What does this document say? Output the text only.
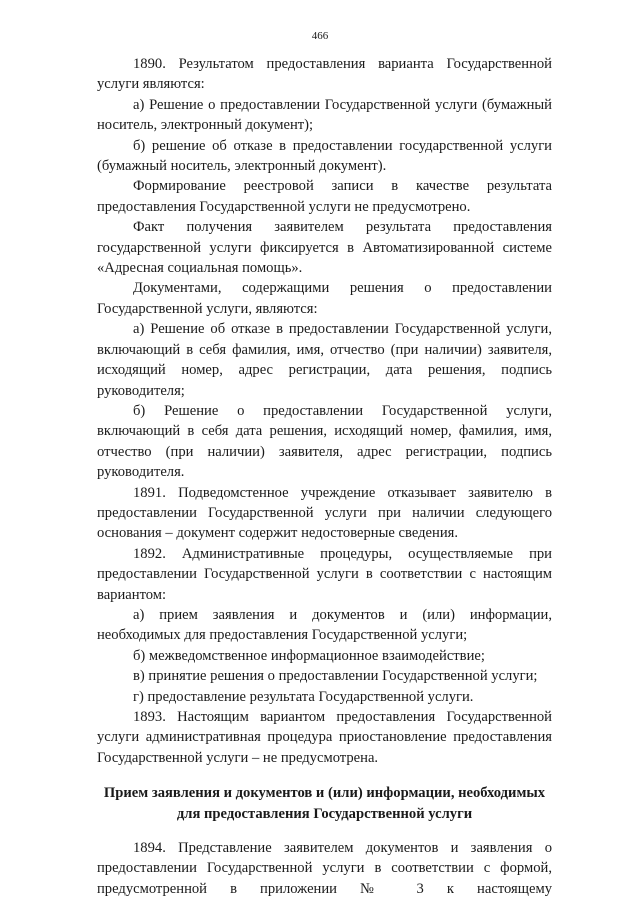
466

1890. Результатом предоставления варианта Государственной услуги являются:

а) Решение о предоставлении Государственной услуги (бумажный носитель, электронный документ);

б) решение об отказе в предоставлении государственной услуги (бумажный носитель, электронный документ).

Формирование реестровой записи в качестве результата предоставления Государственной услуги не предусмотрено.

Факт получения заявителем результата предоставления государственной услуги фиксируется в Автоматизированной системе «Адресная социальная помощь».

Документами, содержащими решения о предоставлении Государственной услуги, являются:

а) Решение об отказе в предоставлении Государственной услуги, включающий в себя фамилия, имя, отчество (при наличии) заявителя, исходящий номер, адрес регистрации, дата решения, подпись руководителя;

б) Решение о предоставлении Государственной услуги, включающий в себя дата решения, исходящий номер, фамилия, имя, отчество (при наличии) заявителя, адрес регистрации, подпись руководителя.

1891. Подведомстенное учреждение отказывает заявителю в предоставлении Государственной услуги при наличии следующего основания – документ содержит недостоверные сведения.

1892. Административные процедуры, осуществляемые при предоставлении Государственной услуги в соответствии с настоящим вариантом:

а) прием заявления и документов и (или) информации, необходимых для предоставления Государственной услуги;

б) межведомственное информационное взаимодействие;

в) принятие решения о предоставлении Государственной услуги;

г) предоставление результата Государственной услуги.

1893. Настоящим вариантом предоставления Государственной услуги административная процедура приостановление предоставления Государственной услуги – не предусмотрена.

Прием заявления и документов и (или) информации, необходимых для предоставления Государственной услуги

1894. Представление заявителем документов и заявления о предоставлении Государственной услуги в соответствии с формой, предусмотренной в приложении № 3 к настоящему
